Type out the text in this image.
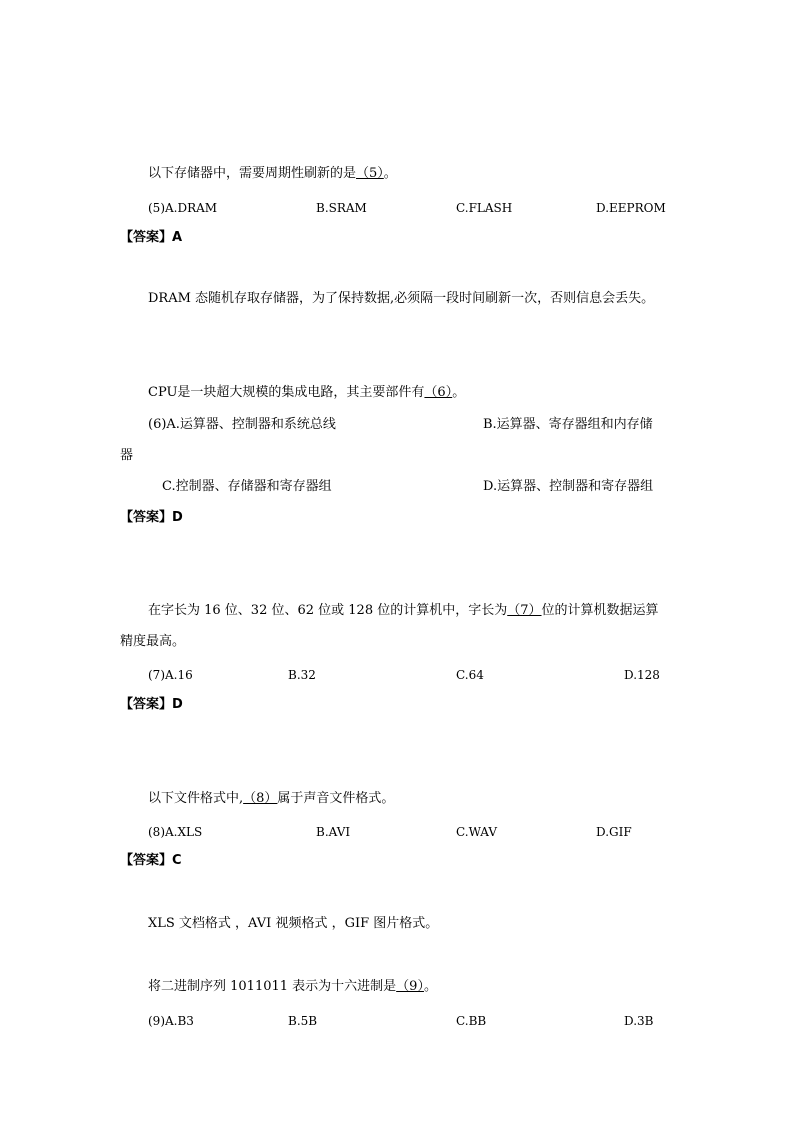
以下存储器中，需要周期性刷新的是（5）。
(5)A.DRAM	B.SRAM	C.FLASH	D.EEPROM
【答案】A
DRAM 态随机存取存储器，为了保持数据,必须隔一段时间刷新一次，否则信息会丢失。
CPU是一块超大规模的集成电路，其主要部件有（6）。
(6)A.运算器、控制器和系统总线	B.运算器、寄存器组和内存储
器
C.控制器、存储器和寄存器组	D.运算器、控制器和寄存器组
【答案】D
在字长为 16 位、32 位、62 位或 128 位的计算机中，字长为（7）位的计算机数据运算
精度最高。
(7)A.16	B.32	C.64	D.128
【答案】D
以下文件格式中,（8）属于声音文件格式。
(8)A.XLS	B.AVI	C.WAV	D.GIF
【答案】C
XLS 文档格式 ，AVI 视频格式 ，GIF 图片格式。
将二进制序列 1011011 表示为十六进制是（9）。
(9)A.B3	B.5B	C.BB	D.3B
